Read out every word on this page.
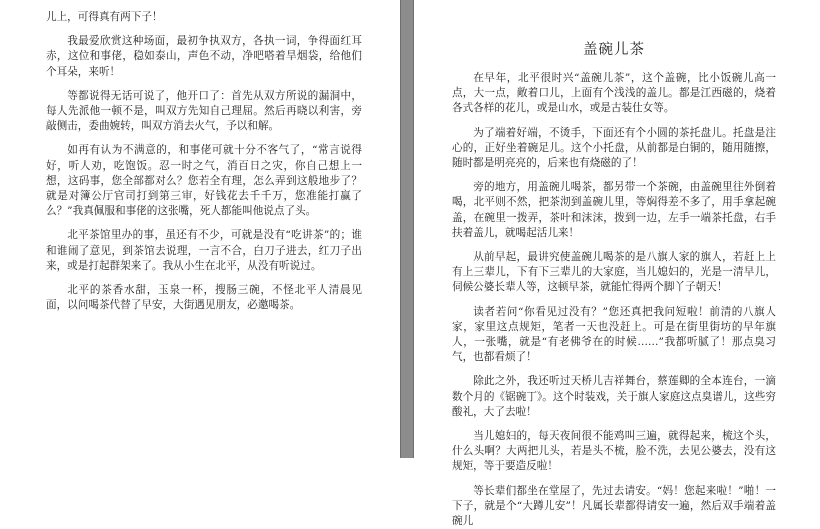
儿上，可得真有两下子！

我最爱欣赏这种场面，最初争执双方，各执一词，争得面红耳赤，这位和事佬，稳如泰山，声色不动，净吧嗒着旱烟袋，给他们个耳朵，来听！

等都说得无话可说了，他开口了：首先从双方所说的漏洞中，每人先派他一顿不是，叫双方先知自己理屈。然后再晓以利害，旁敲侧击，委曲婉转，叫双方消去火气，予以和解。

如再有认为不满意的，和事佬可就十分不客气了，“常言说得好，听人劝，吃饱饭。忍一时之气，消百日之灾，你自己想上一想，这码事，您全部都对么？您若全有理，怎么弄到这般地步了？就是对簿公厅官司打到第三审，好钱花去千千万，您准能打赢了么？”我真佩服和事佬的这张嘴，死人都能叫他说点了头。

北平茶馆里办的事，虽还有不少，可就是没有“吃讲茶”的；谁和谁闹了意见，到茶馆去说理，一言不合，白刀子进去，红刀子出来，或是打起群架来了。我从小生在北平，从没有听说过。

北平的茶香水甜，玉泉一杯，搜肠三碗，不怪北平人清晨见面，以问喝茶代替了早安，大街遇见朋友，必邀喝茶。

盖碗儿茶

在早年，北平很时兴“盖碗儿茶”，这个盖碗，比小饭碗儿高一点，大一点，敞着口儿，上面有个浅浅的盖儿。都是江西磁的，烧着各式各样的花儿，或是山水，或是古装仕女等。

为了端着好端，不烫手，下面还有个小圆的茶托盘儿。托盘是注心的，正好坐着碗足儿。这个小托盘，从前都是白铜的，随用随擦，随时都是明亮亮的，后来也有烧磁的了！

旁的地方，用盖碗儿喝茶，都另带一个茶碗，由盖碗里往外倒着喝，北平则不然，把茶沏到盖碗儿里，等焖得差不多了，用手拿起碗盖，在碗里一拨弄，茶叶和沫沫，拨到一边，左手一端茶托盘，右手扶着盖儿，就喝起活儿来！

从前早起，最讲究使盖碗儿喝茶的是八旗人家的旗人，若赶上上有上三辈儿，下有下三辈儿的大家庭，当儿媳妇的，光是一清早儿，伺候公婆长辈人等，这顿早茶，就能忙得两个脚丫子朝天！

读者若问“你看见过没有？”您还真把我问短啦！前清的八旗人家，家里这点规矩，笔者一天也没赶上。可是在街里街坊的早年旗人，一张嘴，就是“有老佛爷在的时候……”我都听腻了！那点臭习气，也都看烦了！

除此之外，我还听过天桥儿吉祥舞台，蔡莲卿的全本连台，一滴数个月的《锯碗丁》。这个时装戏，关于旗人家庭这点臭谱儿，这些穷酸礼，大了去啦！

当儿媳妇的，每天夜间很不能鸡叫三遍，就得起来，梳这个头，什么头啊？大两把儿头，若是头不梳，脸不洗，去见公婆去，没有这规矩，等于要造反啦！

等长辈们都坐在堂屋了，先过去请安。“妈！您起来啦！”啪！一下子，就是个“大蹲儿安”！凡属长辈都得请安一遍，然后双手端着盖碗儿
